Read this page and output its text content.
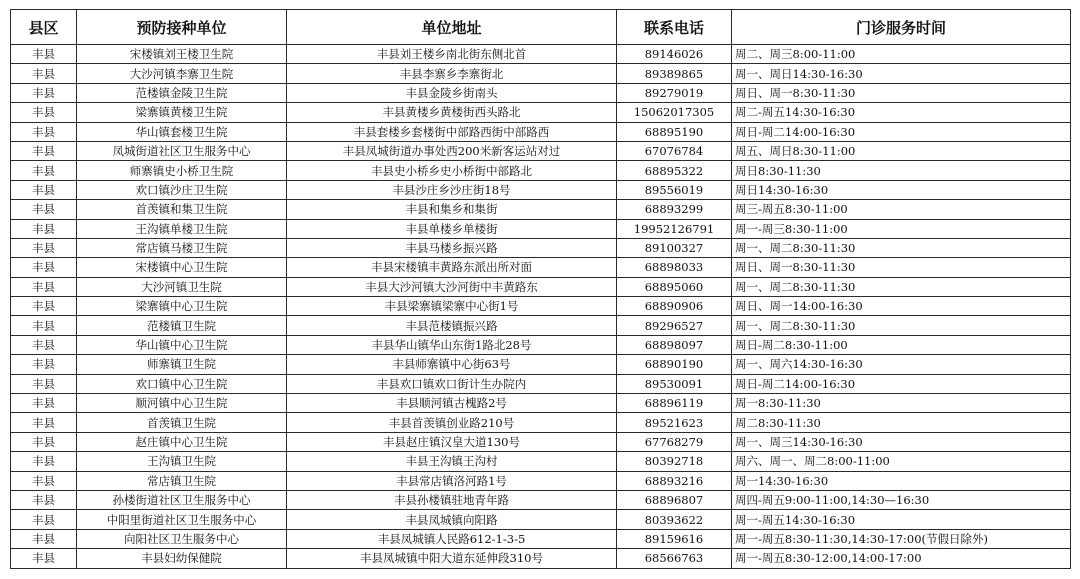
县区	预防接种单位	单位地址	联系电话	门诊服务时间
丰县	宋楼镇刘王楼卫生院	丰县刘王楼乡南北街东侧北首	89146026	周二、周三8:00-11:00
丰县	大沙河镇李寨卫生院	丰县李寨乡李寨街北	89389865	周一、周日14:30-16:30
丰县	范楼镇金陵卫生院	丰县金陵乡街南头	89279019	周日、周一8:30-11:30
丰县	梁寨镇黄楼卫生院	丰县黄楼乡黄楼街西头路北	15062017305	周二-周五14:30-16:30
丰县	华山镇套楼卫生院	丰县套楼乡套楼街中部路西街中部路西	68895190	周日-周二14:00-16:30
丰县	凤城街道社区卫生服务中心	丰县凤城街道办事处西200米新客运站对过	67076784	周五、周日8:30-11:00
丰县	师寨镇史小桥卫生院	丰县史小桥乡史小桥街中部路北	68895322	周日8:30-11:30
丰县	欢口镇沙庄卫生院	丰县沙庄乡沙庄街18号	89556019	周日14:30-16:30
丰县	首羡镇和集卫生院	丰县和集乡和集街	68893299	周三-周五8:30-11:00
丰县	王沟镇单楼卫生院	丰县单楼乡单楼街	19952126791	周一-周三8:30-11:00
丰县	常店镇马楼卫生院	丰县马楼乡振兴路	89100327	周一、周二8:30-11:30
丰县	宋楼镇中心卫生院	丰县宋楼镇丰黄路东派出所对面	68898033	周日、周一8:30-11:30
丰县	大沙河镇卫生院	丰县大沙河镇大沙河街中丰黄路东	68895060	周一、周二8:30-11:30
丰县	梁寨镇中心卫生院	丰县梁寨镇梁寨中心街1号	68890906	周日、周一14:00-16:30
丰县	范楼镇卫生院	丰县范楼镇振兴路	89296527	周一、周二8:30-11:30
丰县	华山镇中心卫生院	丰县华山镇华山东街1路北28号	68898097	周日-周二8:30-11:00
丰县	师寨镇卫生院	丰县师寨镇中心街63号	68890190	周一、周六14:30-16:30
丰县	欢口镇中心卫生院	丰县欢口镇欢口街计生办院内	89530091	周日-周二14:00-16:30
丰县	顺河镇中心卫生院	丰县顺河镇古槐路2号	68896119	周一8:30-11:30
丰县	首羡镇卫生院	丰县首羡镇创业路210号	89521623	周二8:30-11:30
丰县	赵庄镇中心卫生院	丰县赵庄镇汉皇大道130号	67768279	周一、周三14:30-16:30
丰县	王沟镇卫生院	丰县王沟镇王沟村	80392718	周六、周一、周二8:00-11:00
丰县	常店镇卫生院	丰县常店镇洛河路1号	68893216	周一14:30-16:30
丰县	孙楼街道社区卫生服务中心	丰县孙楼镇驻地青年路	68896807	周四-周五9:00-11:00,14:30—16:30
丰县	中阳里街道社区卫生服务中心	丰县凤城镇向阳路	80393622	周一-周五14:30-16:30
丰县	向阳社区卫生服务中心	丰县凤城镇人民路612-1-3-5	89159616	周一-周五8:30-11:30,14:30-17:00(节假日除外)
丰县	丰县妇幼保健院	丰县凤城镇中阳大道东延伸段310号	68566763	周一-周五8:30-12:00,14:00-17:00
